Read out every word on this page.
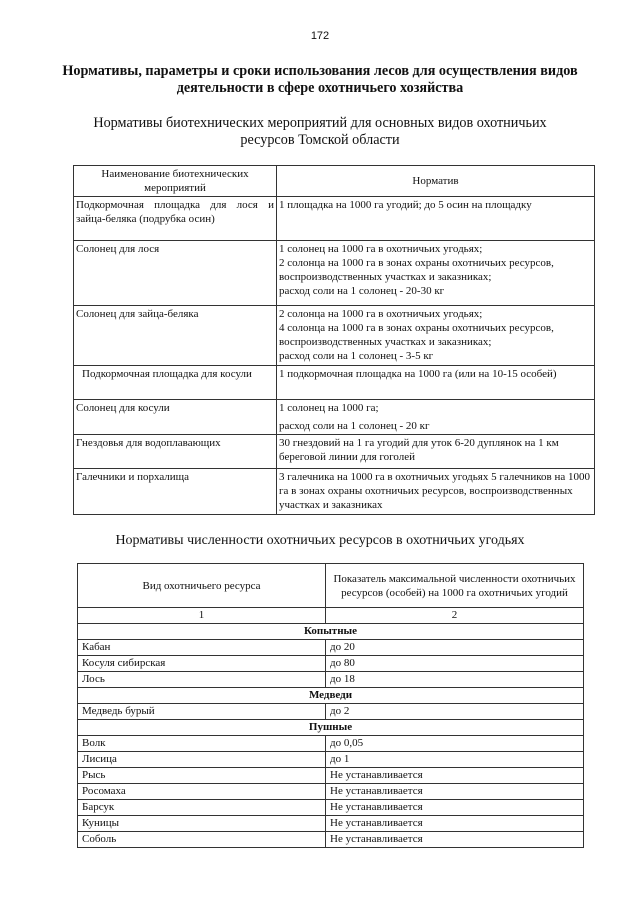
172
Нормативы, параметры и сроки использования лесов для осуществления видов деятельности в сфере охотничьего хозяйства
Нормативы биотехнических мероприятий для основных видов охотничьих ресурсов Томской области
Наименование биотехнических мероприятий	Норматив
Подкормочная площадка для лося и зайца-беляка (подрубка осин)	1 площадка на 1000 га угодий; до 5 осин на площадку
Солонец для лося	1 солонец на 1000 га в охотничьих угодьях;
2 солонца на 1000 га в зонах охраны охотничьих ресурсов, воспроизводственных участках и заказниках;
расход соли на 1 солонец - 20-30 кг

Солонец для зайца-беляка	2 солонца на 1000 га в охотничьих угодьях;
4 солонца на 1000 га в зонах охраны охотничьих ресурсов, воспроизводственных участках и заказниках;
расход соли на 1 солонец - 3-5 кг

Подкормочная площадка для косули	1 подкормочная площадка на 1000 га (или на 10-15 особей)
Солонец для косули	1 солонец на 1000 га;
расход соли на 1 солонец - 20 кг

Гнездовья для водоплавающих	30 гнездовий на 1 га угодий для уток 6-20 дуплянок на 1 км береговой линии для гоголей
Галечники и порхалища	3 галечника на 1000 га в охотничьих угодьях 5 галечников на 1000 га в зонах охраны охотничьих ресурсов, воспроизводственных участках и заказниках
Нормативы численности охотничьих ресурсов в охотничьих угодьях
Вид охотничьего ресурса	Показатель максимальной численности охотничьих ресурсов (особей) на 1000 га охотничьих угодий
1	2
Копытные	
Кабан	до 20
Косуля сибирская	до 80
Лось	до 18
Медведи	
Медведь бурый	до 2
Пушные	
Волк	до 0,05
Лисица	до 1
Рысь	Не устанавливается
Росомаха	Не устанавливается
Барсук	Не устанавливается
Куницы	Не устанавливается
Соболь	Не устанавливается
